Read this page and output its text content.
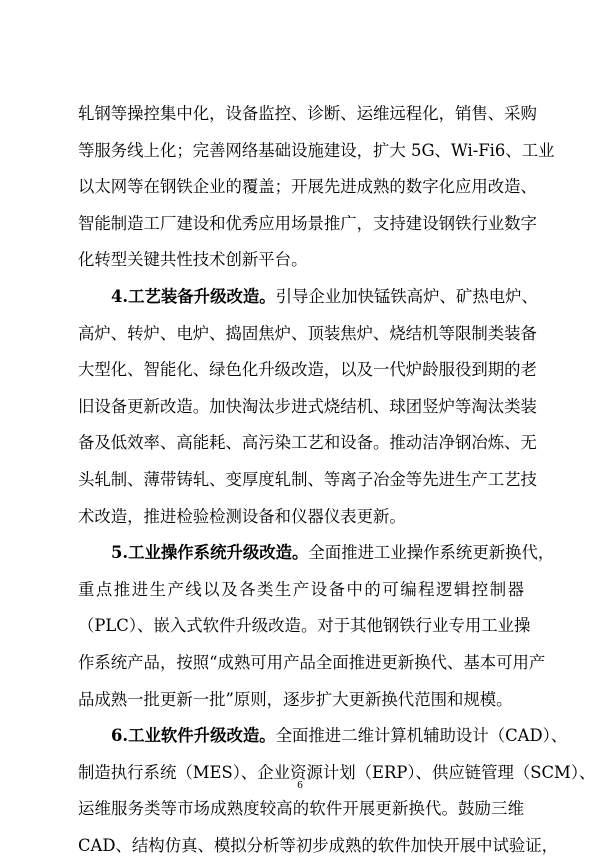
轧钢等操控集中化，设备监控、诊断、运维远程化，销售、采购
等服务线上化；完善网络基础设施建设，扩大 5G、Wi-Fi6、工业
以太网等在钢铁企业的覆盖；开展先进成熟的数字化应用改造、
智能制造工厂建设和优秀应用场景推广，支持建设钢铁行业数字
化转型关键共性技术创新平台。

4.工艺装备升级改造。引导企业加快锰铁高炉、矿热电炉、
高炉、转炉、电炉、捣固焦炉、顶装焦炉、烧结机等限制类装备
大型化、智能化、绿色化升级改造，以及一代炉龄服役到期的老
旧设备更新改造。加快淘汰步进式烧结机、球团竖炉等淘汰类装
备及低效率、高能耗、高污染工艺和设备。推动洁净钢冶炼、无
头轧制、薄带铸轧、变厚度轧制、等离子冶金等先进生产工艺技
术改造，推进检验检测设备和仪器仪表更新。

5.工业操作系统升级改造。全面推进工业操作系统更新换代，
重点推进生产线以及各类生产设备中的可编程逻辑控制器
（PLC）、嵌入式软件升级改造。对于其他钢铁行业专用工业操
作系统产品，按照“成熟可用产品全面推进更新换代、基本可用产
品成熟一批更新一批”原则，逐步扩大更新换代范围和规模。

6.工业软件升级改造。全面推进二维计算机辅助设计（CAD）、
制造执行系统（MES）、企业资源计划（ERP）、供应链管理（SCM）、
运维服务类等市场成熟度较高的软件开展更新换代。鼓励三维
CAD、结构仿真、模拟分析等初步成熟的软件加快开展中试验证，

6
